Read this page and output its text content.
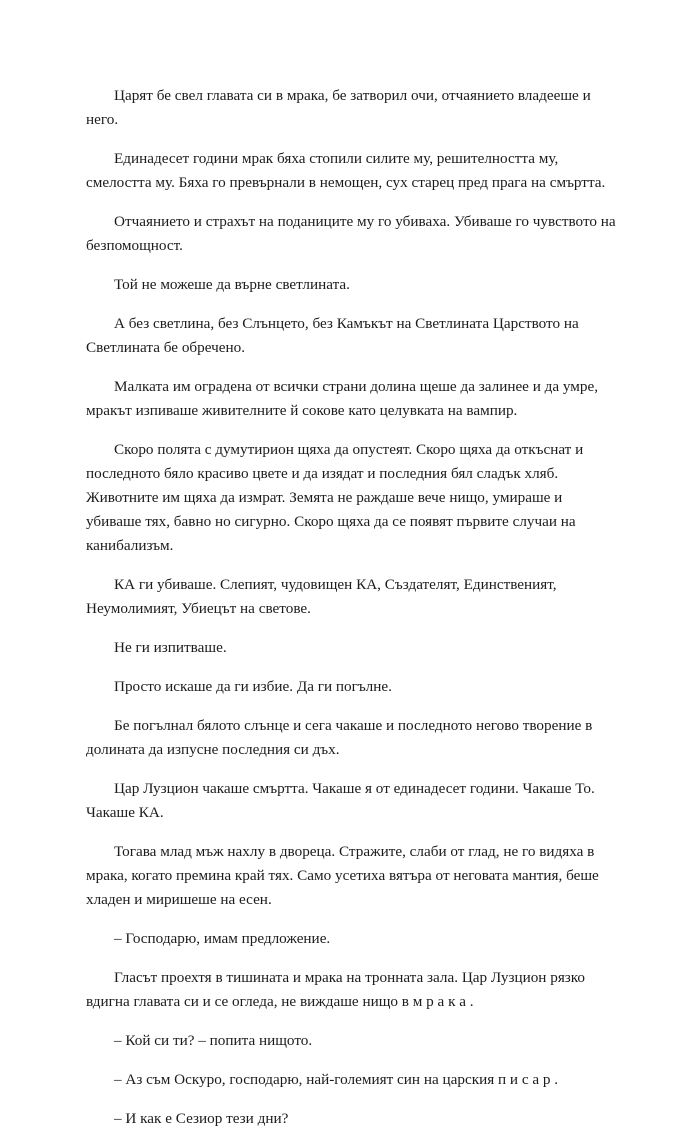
Царят бе свел главата си в мрака, бе затворил очи, отчаянието владееше и него.

Единадесет години мрак бяха стопили силите му, решителността му, смелостта му. Бяха го превърнали в немощен, сух старец пред прага на смъртта.

Отчаянието и страхът на поданиците му го убиваха. Убиваше го чувството на безпомощност.

Той не можеше да върне светлината.

А без светлина, без Слънцето, без Камъкът на Светлината Царството на Светлината бе обречено.

Малката им оградена от всички страни долина щеше да залинее и да умре, мракът изпиваше живителните й сокове като целувката на вампир.

Скоро полята с думутирион щяха да опустеят. Скоро щяха да откъснат и последното бяло красиво цвете и да изядат и последния бял сладък хляб. Животните им щяха да измрат. Земята не раждаше вече нищо, умираше и убиваше тях, бавно но сигурно. Скоро щяха да се появят първите случаи на канибализъм.

КА ги убиваше. Слепият, чудовищен КА, Създателят, Единственият, Неумолимият, Убиецът на светове.

Не ги изпитваше.

Просто искаше да ги избие. Да ги погълне.

Бе погълнал бялото слънце и сега чакаше и последното негово творение в долината да изпусне последния си дъх.

Цар Лузцион чакаше смъртта. Чакаше я от единадесет години. Чакаше То. Чакаше КА.

Тогава млад мъж нахлу в двореца. Стражите, слаби от глад, не го видяха в мрака, когато премина край тях. Само усетиха вятъра от неговата мантия, беше хладен и миришеше на есен.

– Господарю, имам предложение.

Гласът проехтя в тишината и мрака на тронната зала. Цар Лузцион рязко вдигна главата си и се огледа, не виждаше нищо в м р а к а .

– Кой си ти? – попита нищото.

– Аз съм Оскуро, господарю, най-големият син на царския п и с а р .

– И как е Сезиор тези дни?
